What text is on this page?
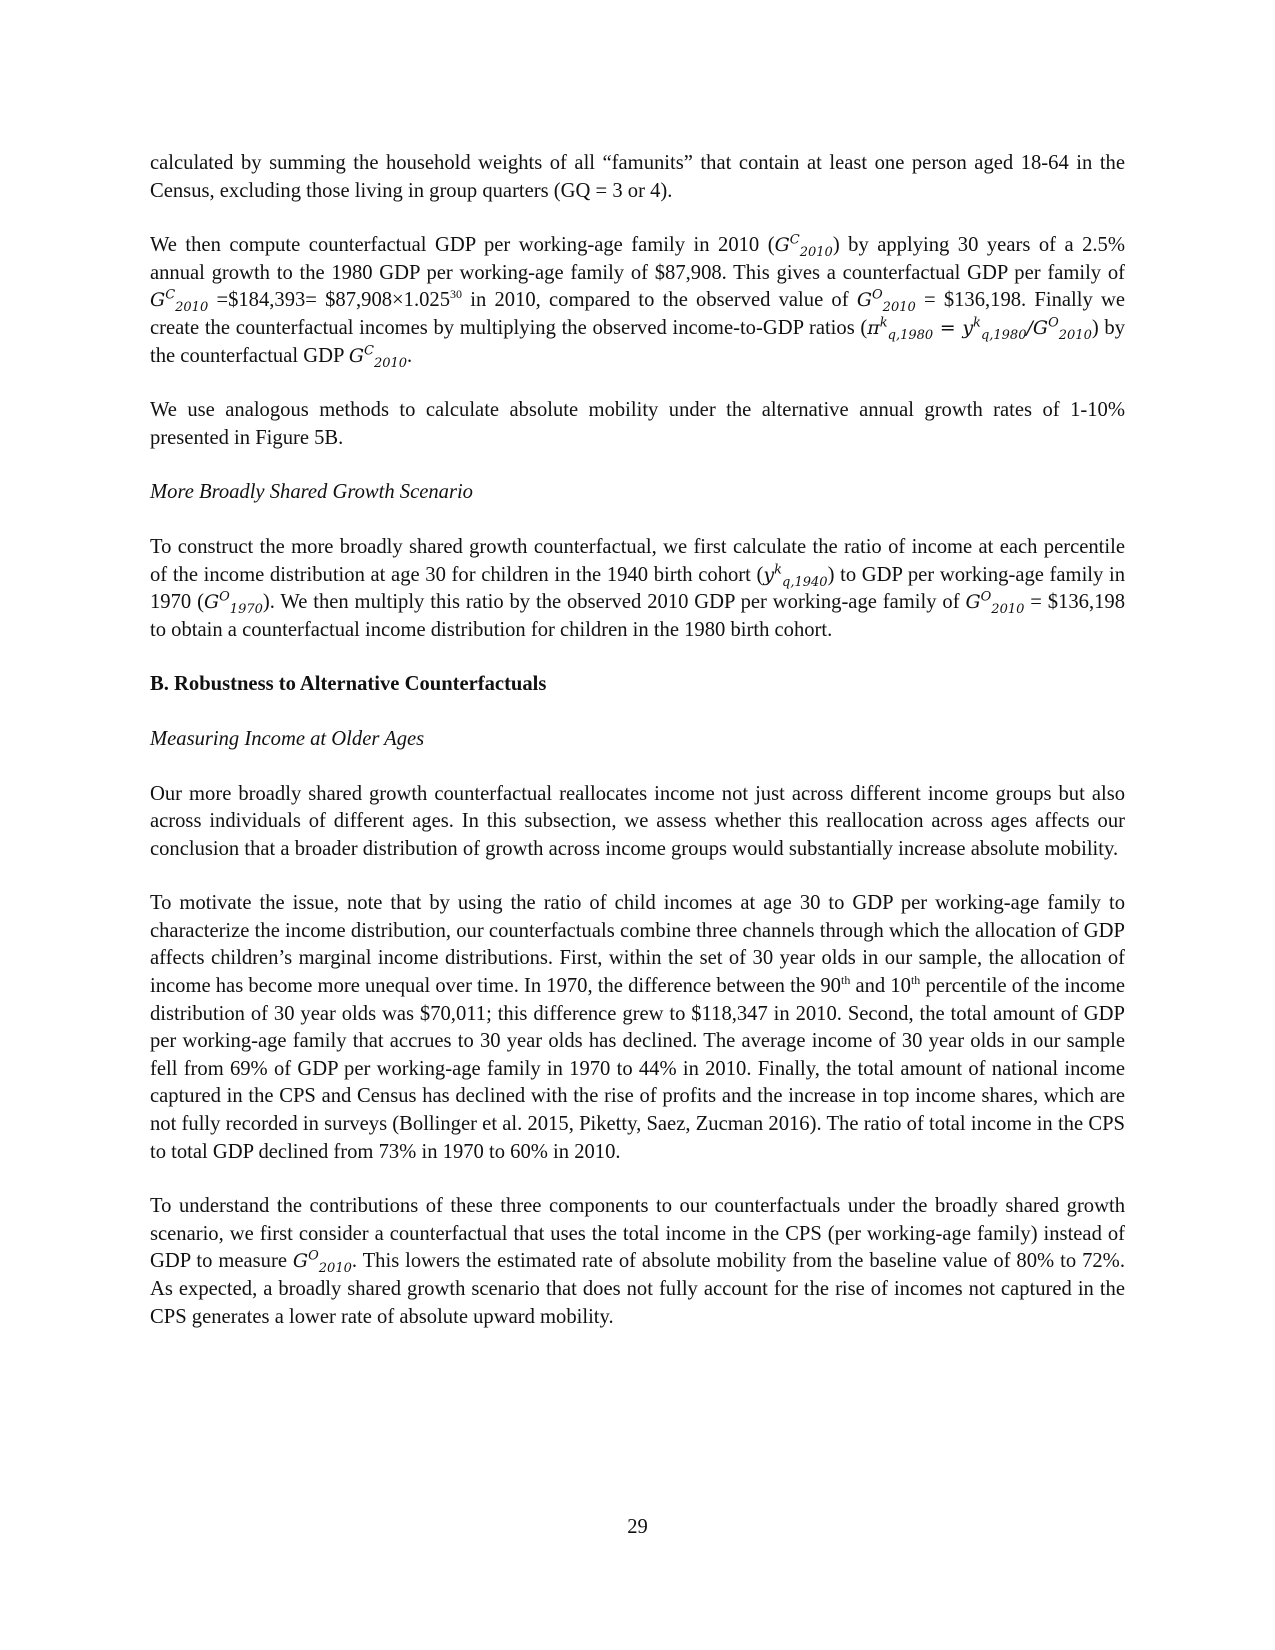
calculated by summing the household weights of all “famunits” that contain at least one person aged 18-64 in the Census, excluding those living in group quarters (GQ = 3 or 4).

We then compute counterfactual GDP per working-age family in 2010 $(G^C_{2010})$ by applying 30 years of a 2.5% annual growth to the 1980 GDP per working-age family of $87,908. This gives a counterfactual GDP per family of $G^C_{2010}$ =$184,393= $\$87,908\times 1.025^{30}$ in 2010, compared to the observed value of $G^O_{2010}$ = $136,198. Finally we create the counterfactual incomes by multiplying the observed income-to-GDP ratios $(\pi^k_{q,1980} = y^k_{q,1980}/G^O_{2010})$ by the counterfactual GDP $G^C_{2010}$.

We use analogous methods to calculate absolute mobility under the alternative annual growth rates of 1-10% presented in Figure 5B.

More Broadly Shared Growth Scenario

To construct the more broadly shared growth counterfactual, we first calculate the ratio of income at each percentile of the income distribution at age 30 for children in the 1940 birth cohort $(y^k_{q,1940})$ to GDP per working-age family in 1970 $(G^O_{1970})$. We then multiply this ratio by the observed 2010 GDP per working-age family of $G^O_{2010}$ = $136,198 to obtain a counterfactual income distribution for children in the 1980 birth cohort.

B. Robustness to Alternative Counterfactuals

Measuring Income at Older Ages

Our more broadly shared growth counterfactual reallocates income not just across different income groups but also across individuals of different ages. In this subsection, we assess whether this reallocation across ages affects our conclusion that a broader distribution of growth across income groups would substantially increase absolute mobility.

To motivate the issue, note that by using the ratio of child incomes at age 30 to GDP per working-age family to characterize the income distribution, our counterfactuals combine three channels through which the allocation of GDP affects children’s marginal income distributions. First, within the set of 30 year olds in our sample, the allocation of income has become more unequal over time. In 1970, the difference between the 90th and 10th percentile of the income distribution of 30 year olds was $70,011; this difference grew to $118,347 in 2010. Second, the total amount of GDP per working-age family that accrues to 30 year olds has declined. The average income of 30 year olds in our sample fell from 69% of GDP per working-age family in 1970 to 44% in 2010. Finally, the total amount of national income captured in the CPS and Census has declined with the rise of profits and the increase in top income shares, which are not fully recorded in surveys (Bollinger et al. 2015, Piketty, Saez, Zucman 2016). The ratio of total income in the CPS to total GDP declined from 73% in 1970 to 60% in 2010.

To understand the contributions of these three components to our counterfactuals under the broadly shared growth scenario, we first consider a counterfactual that uses the total income in the CPS (per working-age family) instead of GDP to measure $G^O_{2010}$. This lowers the estimated rate of absolute mobility from the baseline value of 80% to 72%. As expected, a broadly shared growth scenario that does not fully account for the rise of incomes not captured in the CPS generates a lower rate of absolute upward mobility.

29
